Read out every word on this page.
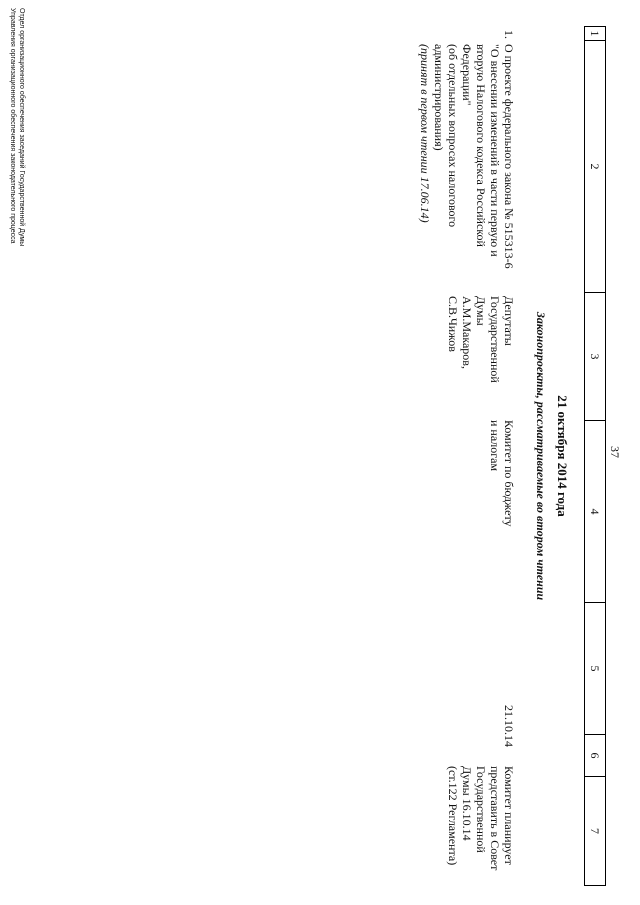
37
1
2
3
4
5
6
7
21 октября 2014 года
Законопроекты, рассматриваемые во втором чтении
1.
О проекте федерального закона № 515313-6
"О внесении изменений в части первую и
вторую Налогового кодекса Российской
Федерации"
(об отдельных вопросах налогового
администрирования)
(принят в первом чтении 17.06.14)
Депутаты
Государственной
Думы
А.М.Макаров,
С.В.Чижов
Комитет по бюджету
и налогам
21.10.14
Комитет планирует
представить в Совет
Государственной
Думы 16.10.14
(ст.122 Регламента)
Отдел организационного обеспечения заседаний Государственной Думы
Управления организационного обеспечения законодательного процесса
